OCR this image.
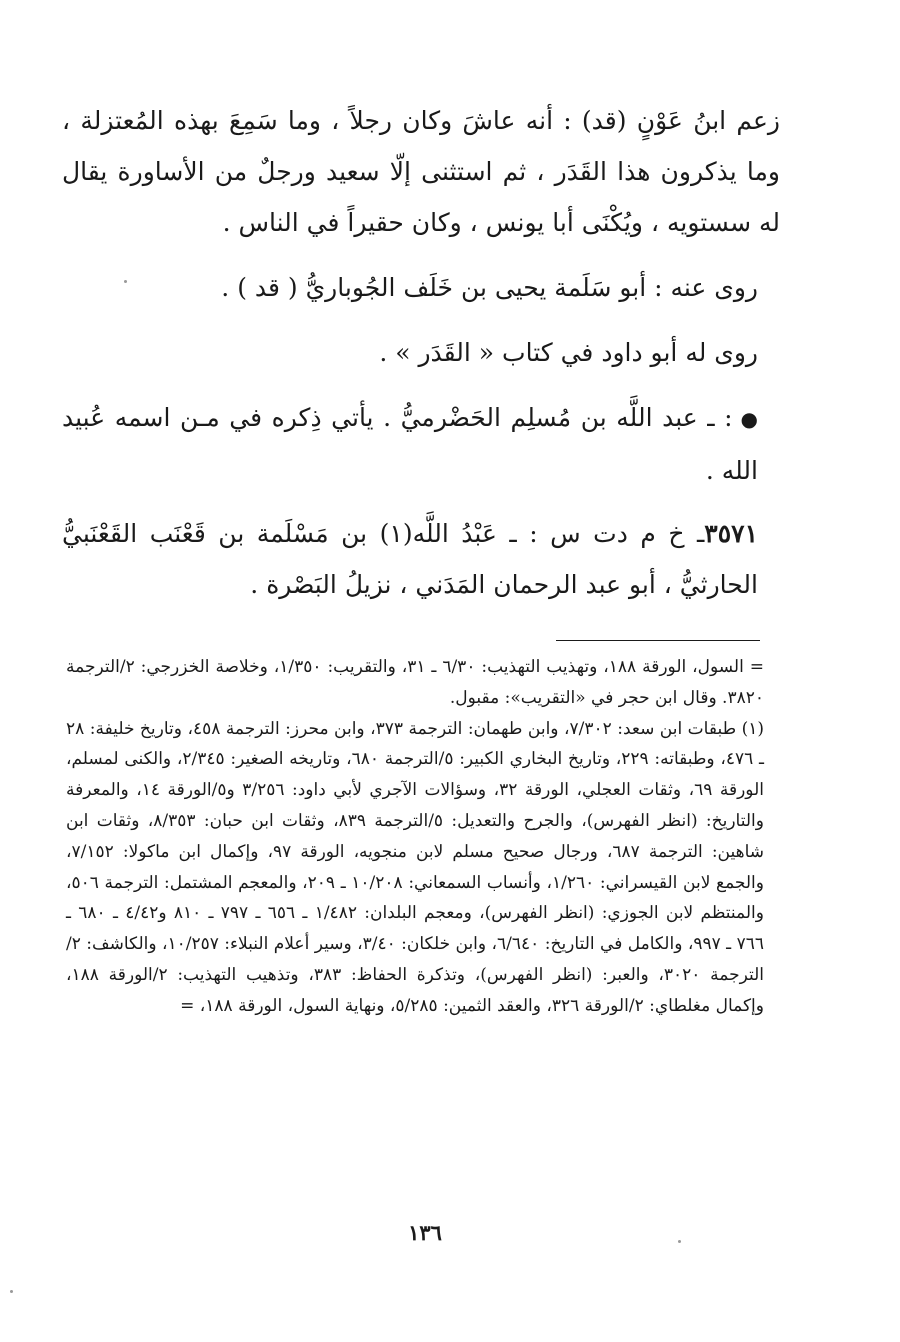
زعم ابنُ عَوْنٍ (قد) : أنه عاشَ وكان رجلاً ، وما سَمِعَ بهذه المُعتزلة ، وما يذكرون هذا القَدَر ، ثم استثنى إلّا سعيد ورجلٌ من الأساورة يقال له سستويه ، ويُكْنَى أبا يونس ، وكان حقيراً في الناس .

روى عنه : أبو سَلَمة يحيى بن خَلَف الجُوباريُّ ( قد ) .

روى له أبو داود في كتاب « القَدَر » .

●: ـ عبد اللَّه بن مُسلِم الحَضْرميُّ . يأتي ذِكره في مـن اسمه عُبيد الله .

٣٥٧١ـ خ م دت س : ـ عَبْدُ اللَّه(١) بن مَسْلَمة بن قَعْنَب القَعْنَبيُّ الحارثيُّ ، أبو عبد الرحمان المَدَني ، نزيلُ البَصْرة .

= السول، الورقة ١٨٨، وتهذيب التهذيب: ٦/٣٠ ـ ٣١، والتقريب: ١/٣٥٠، وخلاصة الخزرجي: ٢/الترجمة ٣٨٢٠. وقال ابن حجر في «التقريب»: مقبول.

(١) طبقات ابن سعد: ٧/٣٠٢، وابن طهمان: الترجمة ٣٧٣، وابن محرز: الترجمة ٤٥٨، وتاريخ خليفة: ٢٨ ـ ٤٧٦، وطبقاته: ٢٢٩، وتاريخ البخاري الكبير: ٥/الترجمة ٦٨٠، وتاريخه الصغير: ٢/٣٤٥، والكنى لمسلم، الورقة ٦٩، وثقات العجلي، الورقة ٣٢، وسؤالات الآجري لأبي داود: ٣/٢٥٦ و٥/الورقة ١٤، والمعرفة والتاريخ: (انظر الفهرس)، والجرح والتعديل: ٥/الترجمة ٨٣٩، وثقات ابن حبان: ٨/٣٥٣، وثقات ابن شاهين: الترجمة ٦٨٧، ورجال صحيح مسلم لابن منجويه، الورقة ٩٧، وإكمال ابن ماكولا: ٧/١٥٢، والجمع لابن القيسراني: ١/٢٦٠، وأنساب السمعاني: ١٠/٢٠٨ ـ ٢٠٩، والمعجم المشتمل: الترجمة ٥٠٦، والمنتظم لابن الجوزي: (انظر الفهرس)، ومعجم البلدان: ١/٤٨٢ ـ ٦٥٦ ـ ٧٩٧ ـ ٨١٠ و٤/٤٢ ـ ٦٨٠ ـ ٧٦٦ ـ ٩٩٧، والكامل في التاريخ: ٦/٦٤٠، وابن خلكان: ٣/٤٠، وسير أعلام النبلاء: ١٠/٢٥٧، والكاشف: ٢/الترجمة ٣٠٢٠، والعبر: (انظر الفهرس)، وتذكرة الحفاظ: ٣٨٣، وتذهيب التهذيب: ٢/الورقة ١٨٨، وإكمال مغلطاي: ٢/الورقة ٣٢٦، والعقد الثمين: ٥/٢٨٥، ونهاية السول، الورقة ١٨٨، =

١٣٦
